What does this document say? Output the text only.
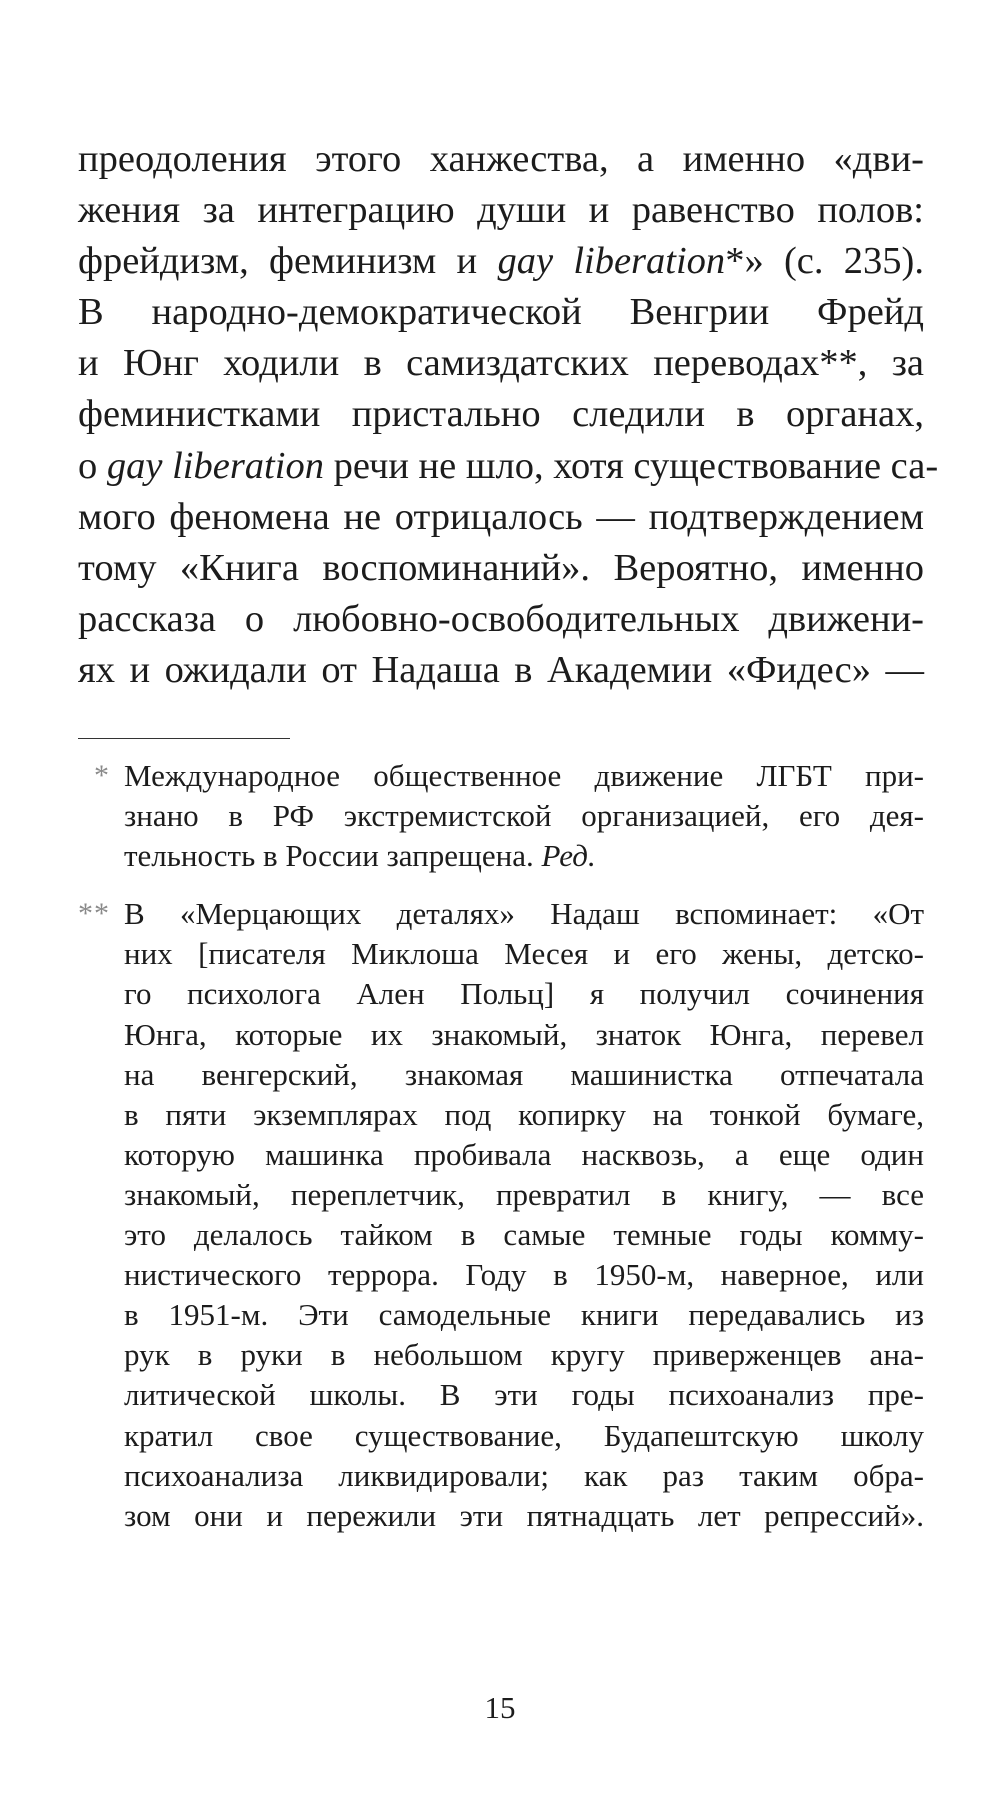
преодоления этого ханжества, а именно «дви-
жения за интеграцию души и равенство полов:
фрейдизм, феминизм и gay liberation*» (с. 235).
В народно-демократической Венгрии Фрейд
и Юнг ходили в самиздатских переводах**, за
феминистками пристально следили в органах,
о gay liberation речи не шло, хотя существование са-
мого феномена не отрицалось — подтверждением
тому «Книга воспоминаний». Вероятно, именно
рассказа о любовно-освободительных движени-
ях и ожидали от Надаша в Академии «Фидес» —
* Международное общественное движение ЛГБТ при-
знано в РФ экстремистской организацией, его дея-
тельность в России запрещена. Ред.
** В «Мерцающих деталях» Надаш вспоминает: «От
них [писателя Миклоша Месея и его жены, детско-
го психолога Ален Польц] я получил сочинения
Юнга, которые их знакомый, знаток Юнга, перевел
на венгерский, знакомая машинистка отпечатала
в пяти экземплярах под копирку на тонкой бумаге,
которую машинка пробивала насквозь, а еще один
знакомый, переплетчик, превратил в книгу, — все
это делалось тайком в самые темные годы комму-
нистического террора. Году в 1950-м, наверное, или
в 1951-м. Эти самодельные книги передавались из
рук в руки в небольшом кругу приверженцев ана-
литической школы. В эти годы психоанализ пре-
кратил свое существование, Будапештскую школу
психоанализа ликвидировали; как раз таким обра-
зом они и пережили эти пятнадцать лет репрессий».
15
